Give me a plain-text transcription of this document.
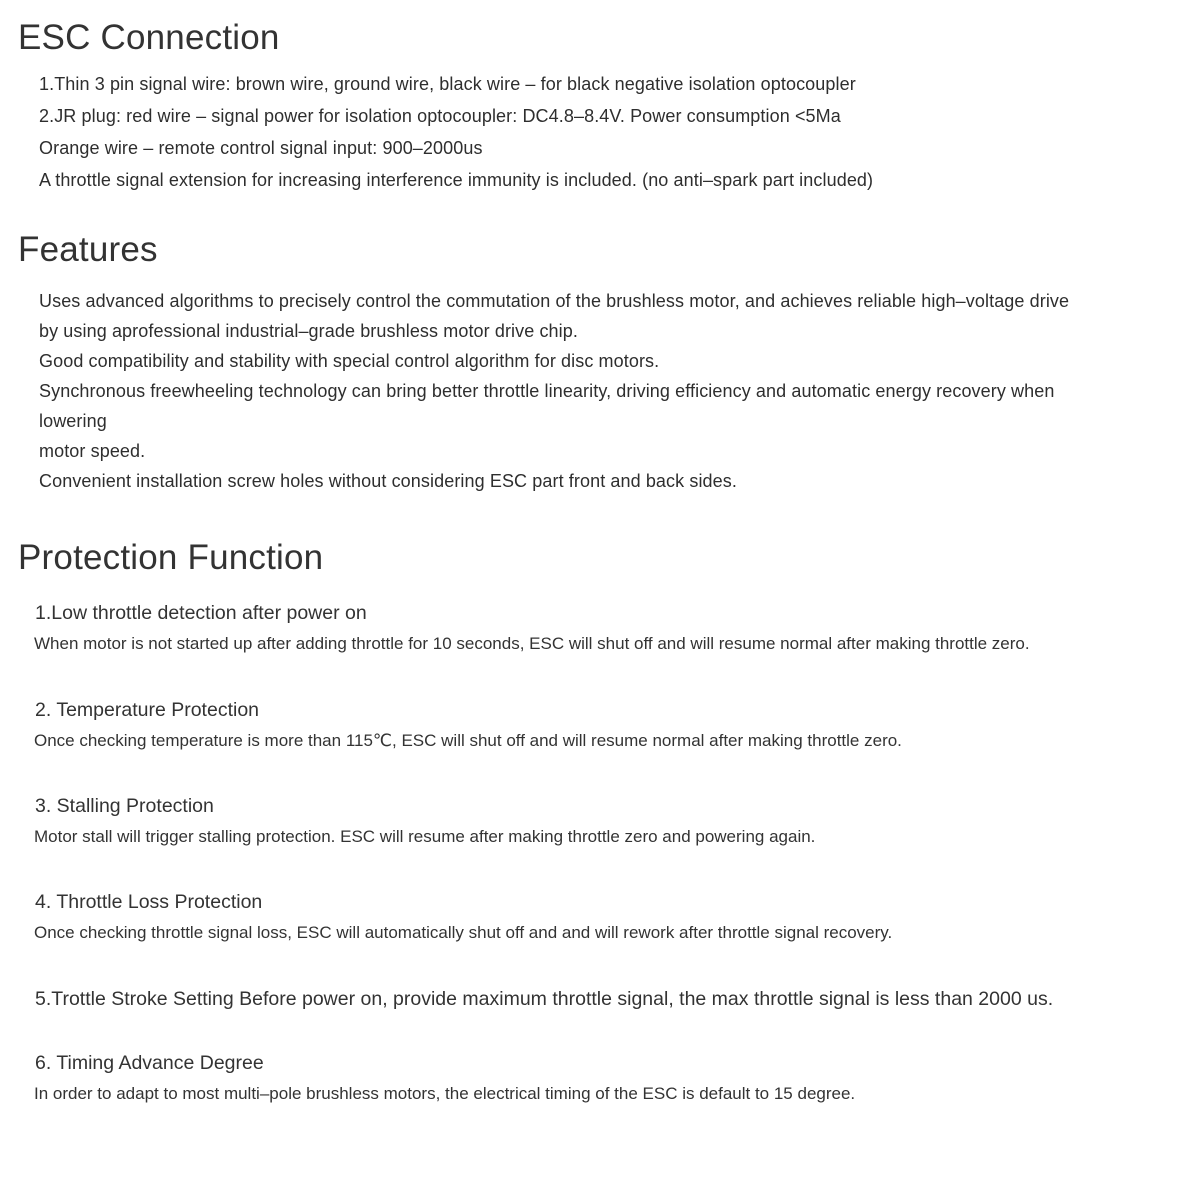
ESC Connection

1.Thin 3 pin signal wire: brown wire, ground wire, black wire – for black negative isolation optocoupler

2.JR plug: red wire – signal power for isolation optocoupler: DC4.8–8.4V. Power consumption <5Ma

Orange wire – remote control signal input: 900–2000us

A throttle signal extension for increasing interference immunity is included. (no anti–spark part included)

Features

Uses advanced algorithms to precisely control the commutation of the brushless motor, and achieves reliable high–voltage drive

by using aprofessional industrial–grade brushless motor drive chip.

Good compatibility and stability with special control algorithm for disc motors.

Synchronous freewheeling technology can bring better throttle linearity, driving efficiency and automatic energy recovery when

lowering

motor speed.

Convenient installation screw holes without considering ESC part front and back sides.

Protection Function

1.Low throttle detection after power on

When motor is not started up after adding throttle for 10 seconds, ESC will shut off and will resume normal after making throttle zero.

2. Temperature Protection

Once checking temperature is more than 115℃, ESC will shut off and will resume normal after making throttle zero.

3. Stalling Protection

Motor stall will trigger stalling protection. ESC will resume after making throttle zero and powering again.

4. Throttle Loss Protection

Once checking throttle signal loss, ESC will automatically shut off and and will rework after throttle signal recovery.

5.Trottle Stroke Setting Before power on, provide maximum throttle signal, the max throttle signal is less than 2000 us.

6. Timing Advance Degree

In order to adapt to most multi–pole brushless motors, the electrical timing of the ESC is default to 15 degree.
